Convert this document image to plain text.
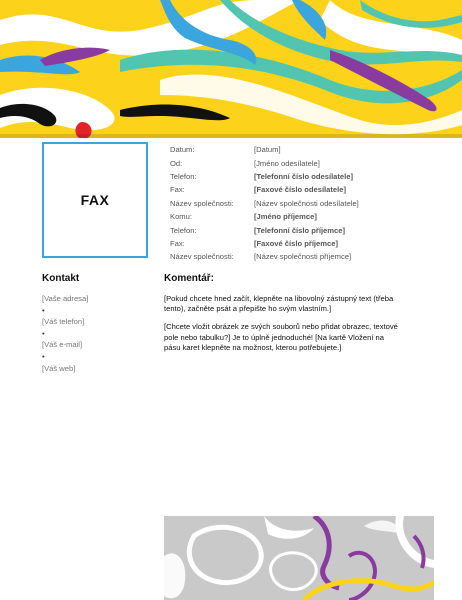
FAX
Datum:	[Datum]
Od:	[Jméno odesílatele]
Telefon:	[Telefonní číslo odesílatele]
Fax:	[Faxové číslo odesílatele]
Název společnosti:	[Název společnosti odesílatele]
Komu:	[Jméno příjemce]
Telefon:	[Telefonní číslo příjemce]
Fax:	[Faxové číslo příjemce]
Název společnosti:	[Název společnosti příjemce]
Kontakt
[Vaše adresa]
•
[Váš telefon]
•
[Váš e-mail]
•
[Váš web]
Komentář:

[Pokud chcete hned začít, klepněte na libovolný zástupný text (třeba tento), začněte psát a přepište ho svým vlastním.]

[Chcete vložit obrázek ze svých souborů nebo přidat obrazec, textové pole nebo tabulku?] Je to úplně jednoduché! [Na kartě Vložení na pásu karet klepněte na možnost, kterou potřebujete.]
